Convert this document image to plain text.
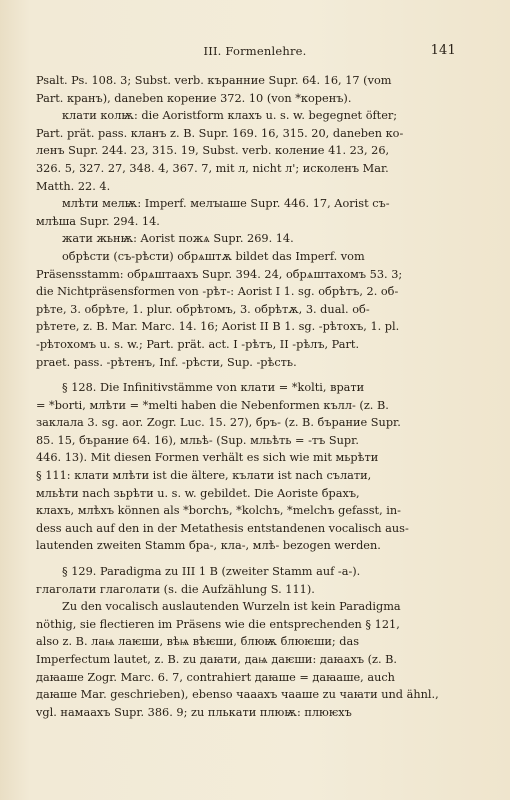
III. Formenlehre.	141
Psalt. Ps. 108. 3; Subst. verb. къранние Supr. 64. 16, 17 (vom
Part. кранъ), daneben корение 372. 10 (von *коренъ).
клати колѭ: die Aoristform клахъ u. s. w. begegnet öfter;
Part. prät. pass. кланъ z. B. Supr. 169. 16, 315. 20, daneben ко-
ленъ Supr. 244. 23, 315. 19, Subst. verb. колениe 41. 23, 26,
326. 5, 327. 27, 348. 4, 367. 7, mit л, nicht л'; исколенъ Mar.
Matth. 22. 4.
млѣти мелѭ: Imperf. мелꙑаше Supr. 446. 17, Aorist съ-
млѣша Supr. 294. 14.
жати жьнѭ: Aorist пожѧ Supr. 269. 14.
обрѣсти (съ-рѣсти) обрѧштѫ bildet das Imperf. vom
Präsensstamm: обрѧштаахъ Supr. 394. 24, обрѧштахомъ 53. 3;
die Nichtpräsensformen von -рѣт-: Aorist I 1. sg. обрѣтъ, 2. об-
рѣте, 3. обрѣте, 1. plur. обрѣтомъ, 3. обрѣтѫ, 3. dual. об-
рѣтете, z. B. Mar. Marc. 14. 16; Aorist II B 1. sg. -рѣтохъ, 1. pl.
-рѣтохомъ u. s. w.; Part. prät. act. I -рѣтъ, II -рѣлъ, Part.
praet. pass. -рѣтенъ, Inf. -рѣсти, Sup. -рѣсть.
§ 128. Die Infinitivstämme von клати = *kolti, врати
= *borti, млѣти = *melti haben die Nebenformen кълл- (z. B.
заклала 3. sg. aor. Zogr. Luc. 15. 27), бръ- (z. B. бърание Supr.
85. 15, бърание 64. 16), мльѣ- (Sup. мльѣть = -тъ Supr.
446. 13). Mit diesen Formen verhält es sich wie mit мьрѣти
§ 111: клати млѣти ist die ältere, кълати ist nach сълати,
мльѣти nach зьрѣти u. s. w. gebildet. Die Aoriste брахъ,
клахъ, млѣхъ können als *borchъ, *kolchъ, *melchъ gefasst, in-
dess auch auf den in der Metathesis entstandenen vocalisch aus-
lautenden zweiten Stamm бра-, кла-, млѣ- bezogen werden.
§ 129. Paradigma zu III 1 B (zweiter Stamm auf -а-).
глаголати глаголати (s. die Aufzählung S. 111).
Zu den vocalisch auslautenden Wurzeln ist kein Paradigma
nöthig, sie flectieren im Präsens wie die entsprechenden § 121,
also z. B. лаѩ лаѥши, вѣѩ вѣѥши, блюѭ блюѥши; das
Imperfectum lautet, z. B. zu даꙗти, даѩ даѥши: даꙗахъ (z. B.
даꙗаше Zogr. Marc. 6. 7, contrahiert даꙗше = даꙗаше, auch
даꙗше Mar. geschrieben), ebenso чааахъ чааше zu чаꙗти und ähnl.,
vgl. намаахъ Supr. 386. 9; zu плькати плюѭ: плюѥхъ
